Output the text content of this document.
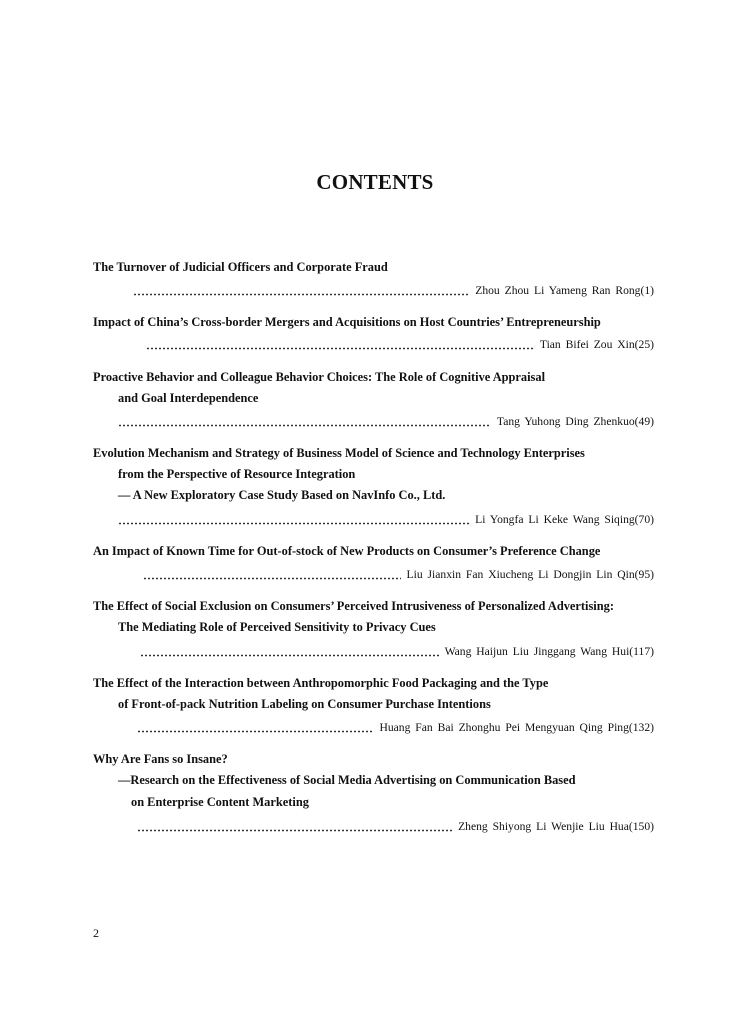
CONTENTS
The Turnover of Judicial Officers and Corporate Fraud
Zhou Zhou Li Yameng Ran Rong(1)
Impact of China’s Cross-border Mergers and Acquisitions on Host Countries’ Entrepreneurship
Tian Bifei Zou Xin(25)
Proactive Behavior and Colleague Behavior Choices: The Role of Cognitive Appraisal
and Goal Interdependence
Tang Yuhong Ding Zhenkuo(49)
Evolution Mechanism and Strategy of Business Model of Science and Technology Enterprises
from the Perspective of Resource Integration
— A New Exploratory Case Study Based on NavInfo Co., Ltd.
Li Yongfa Li Keke Wang Siqing(70)
An Impact of Known Time for Out-of-stock of New Products on Consumer’s Preference Change
Liu Jianxin Fan Xiucheng Li Dongjin Lin Qin(95)
The Effect of Social Exclusion on Consumers’ Perceived Intrusiveness of Personalized Advertising:
The Mediating Role of Perceived Sensitivity to Privacy Cues
Wang Haijun Liu Jinggang Wang Hui(117)
The Effect of the Interaction between Anthropomorphic Food Packaging and the Type
of Front-of-pack Nutrition Labeling on Consumer Purchase Intentions
Huang Fan Bai Zhonghu Pei Mengyuan Qing Ping(132)
Why Are Fans so Insane?
—Research on the Effectiveness of Social Media Advertising on Communication Based
on Enterprise Content Marketing
Zheng Shiyong Li Wenjie Liu Hua(150)
2
